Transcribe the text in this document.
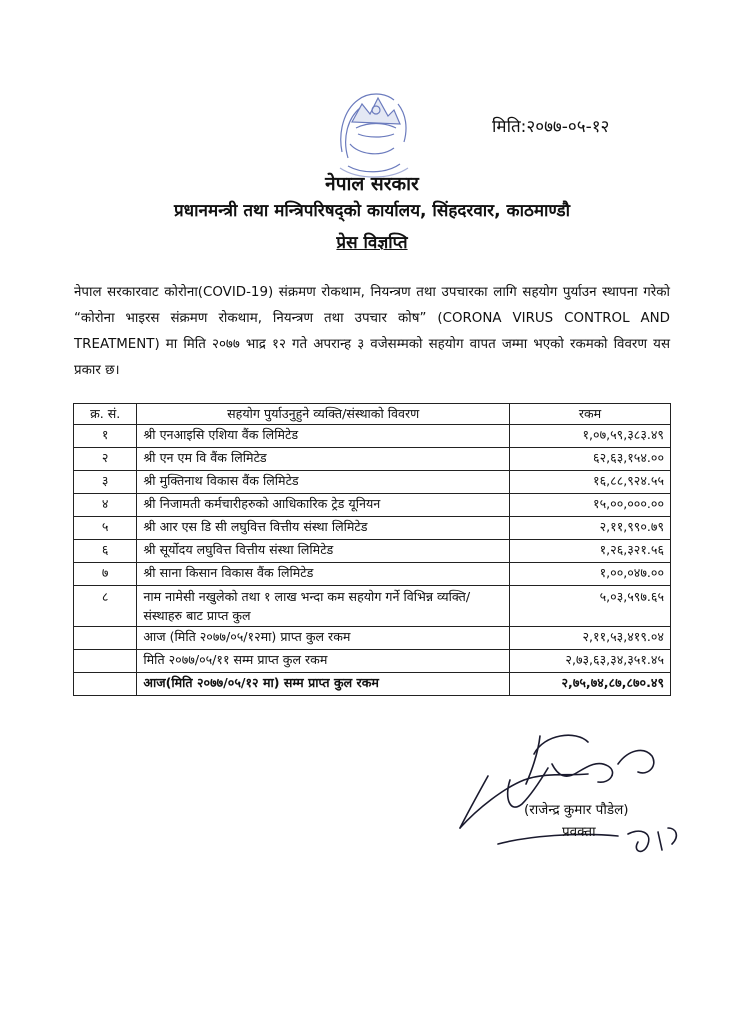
मिति:२०७७-०५-१२
नेपाल सरकार
प्रधानमन्त्री तथा मन्त्रिपरिषद्को कार्यालय, सिंहदरवार, काठमाण्डौ
प्रेस विज्ञप्ति
नेपाल सरकारवाट कोरोना(COVID-19) संक्रमण रोकथाम, नियन्त्रण तथा उपचारका लागि सहयोग पुर्याउन स्थापना गरेको “कोरोना भाइरस संक्रमण रोकथाम, नियन्त्रण तथा उपचार कोष” (CORONA VIRUS CONTROL AND TREATMENT) मा मिति २०७७ भाद्र १२ गते अपरान्ह ३ वजेसम्मको सहयोग वापत जम्मा भएको रकमको विवरण यस प्रकार छ।
क्र. सं.	सहयोग पुर्याउनुहुने व्यक्ति/संस्थाको विवरण	रकम
१	श्री एनआइसि एशिया वैंक लिमिटेड	१,०७,५९,३८३.४९
२	श्री एन एम वि वैंक लिमिटेड	६२,६३,१५४.००
३	श्री मुक्तिनाथ विकास वैंक लिमिटेड	१६,८८,९२४.५५
४	श्री निजामती कर्मचारीहरुको आधिकारिक ट्रेड यूनियन	१५,००,०००.००
५	श्री आर एस डि सी लघुवित्त वित्तीय संस्था लिमिटेड	२,११,९९०.७९
६	श्री सूर्योदय लघुवित्त वित्तीय संस्था लिमिटेड	१,२६,३२१.५६
७	श्री साना किसान विकास वैंक लिमिटेड	१,००,०४७.००
८	नाम नामेसी नखुलेको तथा १ लाख भन्दा कम सहयोग गर्ने विभिन्न व्यक्ति/संस्थाहरु बाट प्राप्त कुल	५,०३,५९७.६५
	आज (मिति २०७७/०५/१२मा) प्राप्त कुल रकम	२,११,५३,४१९.०४
	मिति २०७७/०५/११ सम्म प्राप्त कुल रकम	२,७३,६३,३४,३५१.४५
	आज(मिति २०७७/०५/१२ मा) सम्म प्राप्त कुल रकम	२,७५,७४,८७,८७०.४९
(राजेन्द्र कुमार पौडेल)
प्रवक्ता
